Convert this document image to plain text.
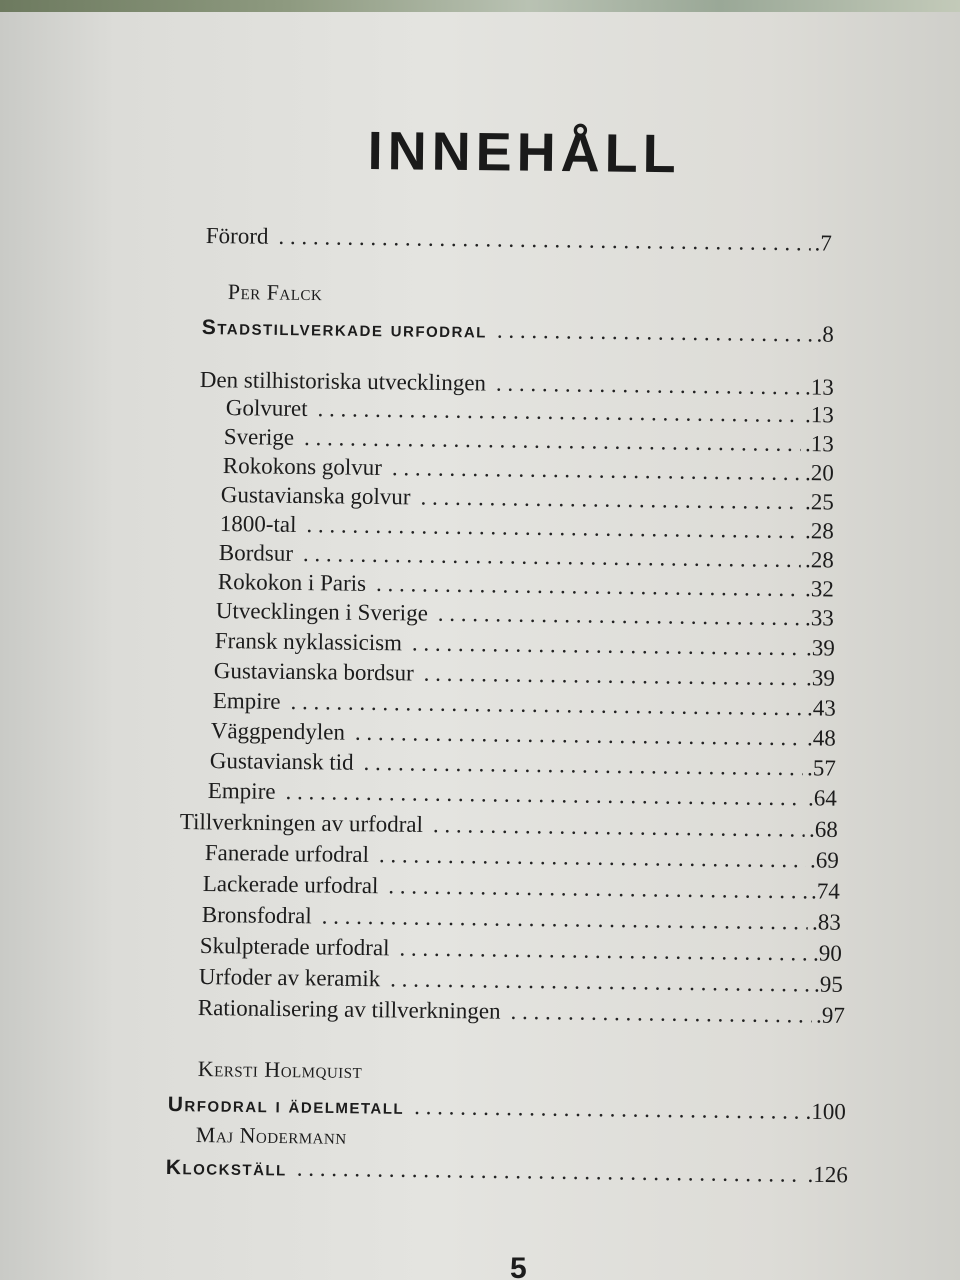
INNEHÅLL
Förord . . .	.7
Per Falck
Stadstillverkade urfodral . . .	.8
Den stilhistoriska utvecklingen . . .	.13
Golvuret . . .	.13
Sverige . . .	.13
Rokokons golvur . . .	.20
Gustavianska golvur . . .	.25
1800-tal . . .	.28
Bordsur . . .	.28
Rokokon i Paris . . .	.32
Utvecklingen i Sverige . . .	.33
Fransk nyklassicism . . .	.39
Gustavianska bordsur . . .	.39
Empire . . .	.43
Väggpendylen . . .	.48
Gustaviansk tid . . .	.57
Empire . . .	.64
Tillverkningen av urfodral . . .	.68
Fanerade urfodral . . .	.69
Lackerade urfodral . . .	.74
Bronsfodral . . .	.83
Skulpterade urfodral . . .	.90
Urfoder av keramik . . .	.95
Rationalisering av tillverkningen . . .	.97
Kersti Holmquist
Urfodral i ädelmetall . . .	.100
Maj Nodermann
Klockställ . . .	.126
5
